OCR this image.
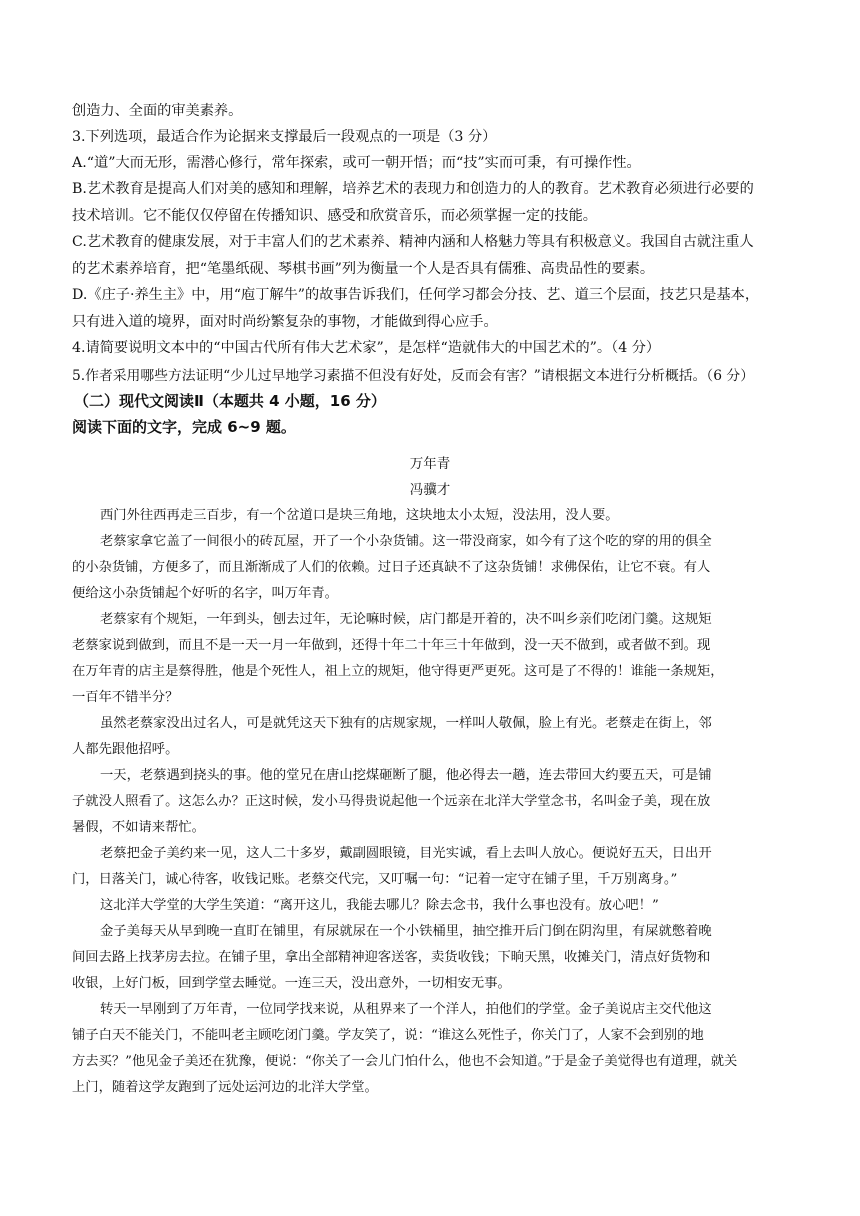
创造力、全面的审美素养。
3.下列选项，最适合作为论据来支撑最后一段观点的一项是（3 分）
A.“道”大而无形，需潜心修行，常年探索，或可一朝开悟；而“技”实而可秉，有可操作性。
B.艺术教育是提高人们对美的感知和理解，培养艺术的表现力和创造力的人的教育。艺术教育必须进行必要的
技术培训。它不能仅仅停留在传播知识、感受和欣赏音乐，而必须掌握一定的技能。
C.艺术教育的健康发展，对于丰富人们的艺术素养、精神内涵和人格魅力等具有积极意义。我国自古就注重人
的艺术素养培育，把“笔墨纸砚、琴棋书画”列为衡量一个人是否具有儒雅、高贵品性的要素。
D.《庄子·养生主》中，用“庖丁解牛”的故事告诉我们，任何学习都会分技、艺、道三个层面，技艺只是基本，
只有进入道的境界，面对时尚纷繁复杂的事物，才能做到得心应手。
4.请简要说明文本中的“中国古代所有伟大艺术家”，是怎样“造就伟大的中国艺术的”。（4 分）
5.作者采用哪些方法证明“少儿过早地学习素描不但没有好处，反而会有害？”请根据文本进行分析概括。（6 分）
（二）现代文阅读Ⅱ（本题共 4 小题，16 分）
阅读下面的文字，完成 6~9 题。
万年青
冯骥才
西门外往西再走三百步，有一个岔道口是块三角地，这块地太小太短，没法用，没人要。
老蔡家拿它盖了一间很小的砖瓦屋，开了一个小杂货铺。这一带没商家，如今有了这个吃的穿的用的俱全
的小杂货铺，方便多了，而且渐渐成了人们的依赖。过日子还真缺不了这杂货铺！求佛保佑，让它不衰。有人
便给这小杂货铺起个好听的名字，叫万年青。
老蔡家有个规矩，一年到头，刨去过年，无论嘛时候，店门都是开着的，决不叫乡亲们吃闭门羹。这规矩
老蔡家说到做到，而且不是一天一月一年做到，还得十年二十年三十年做到，没一天不做到，或者做不到。现
在万年青的店主是蔡得胜，他是个死性人，祖上立的规矩，他守得更严更死。这可是了不得的！谁能一条规矩，
一百年不错半分？
虽然老蔡家没出过名人，可是就凭这天下独有的店规家规，一样叫人敬佩，脸上有光。老蔡走在街上，邻
人都先跟他招呼。
一天，老蔡遇到挠头的事。他的堂兄在唐山挖煤砸断了腿，他必得去一趟，连去带回大约要五天，可是铺
子就没人照看了。这怎么办？正这时候，发小马得贵说起他一个远亲在北洋大学堂念书，名叫金子美，现在放
暑假，不如请来帮忙。
老蔡把金子美约来一见，这人二十多岁，戴副圆眼镜，目光实诚，看上去叫人放心。便说好五天，日出开
门，日落关门，诚心待客，收钱记账。老蔡交代完，又叮嘱一句：“记着一定守在铺子里，千万别离身。”
这北洋大学堂的大学生笑道：“离开这儿，我能去哪儿？除去念书，我什么事也没有。放心吧！”
金子美每天从早到晚一直盯在铺里，有尿就尿在一个小铁桶里，抽空推开后门倒在阴沟里，有屎就憋着晚
间回去路上找茅房去拉。在铺子里，拿出全部精神迎客送客，卖货收钱；下晌天黑，收摊关门，清点好货物和
收银，上好门板，回到学堂去睡觉。一连三天，没出意外，一切相安无事。
转天一早刚到了万年青，一位同学找来说，从租界来了一个洋人，拍他们的学堂。金子美说店主交代他这
铺子白天不能关门，不能叫老主顾吃闭门羹。学友笑了，说：“谁这么死性子，你关门了，人家不会到别的地
方去买？”他见金子美还在犹豫，便说：“你关了一会儿门怕什么，他也不会知道。”于是金子美觉得也有道理，就关
上门，随着这学友跑到了远处运河边的北洋大学堂。
